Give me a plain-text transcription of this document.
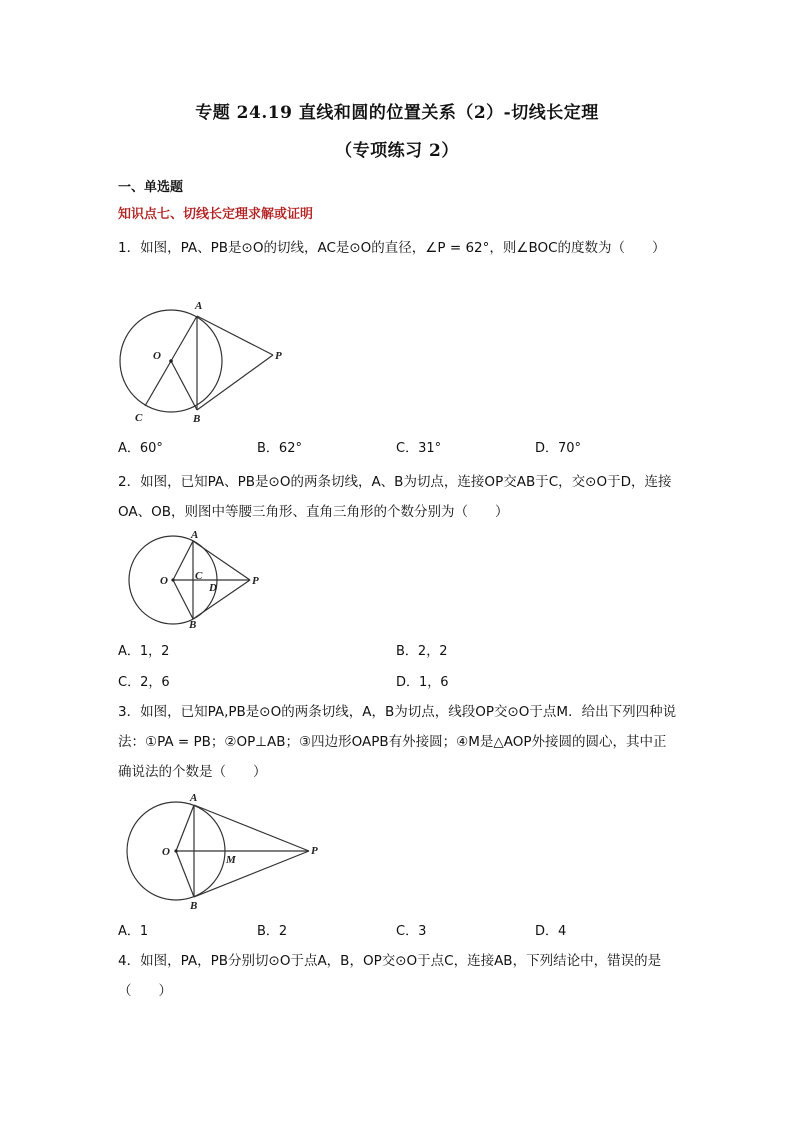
专题 24.19 直线和圆的位置关系（2）-切线长定理
（专项练习 2）
一、单选题
知识点七、切线长定理求解或证明
1．如图，PA、PB是⊙O的切线，AC是⊙O的直径，∠P = 62°，则∠BOC的度数为（　　）
A
O	P
C	B
A．60°	B．62°	C．31°	D．70°
2．如图，已知PA、PB是⊙O的两条切线，A、B为切点，连接OP交AB于C，交⊙O于D，连接OA、OB，则图中等腰三角形、直角三角形的个数分别为（　　）
A
O C
D
P
B
A．1，2	B．2，2
C．2，6	D．1，6
3．如图，已知PA,PB是⊙O的两条切线，A，B为切点，线段OP交⊙O于点M．给出下列四种说法：①PA = PB；②OP⊥AB；③四边形OAPB有外接圆；④M是△AOP外接圆的圆心，其中正确说法的个数是（　　）
A
O
M
P
B
A．1	B．2	C．3	D．4
4．如图，PA，PB分别切⊙O于点A，B，OP交⊙O于点C，连接AB，下列结论中，错误的是（　　）
